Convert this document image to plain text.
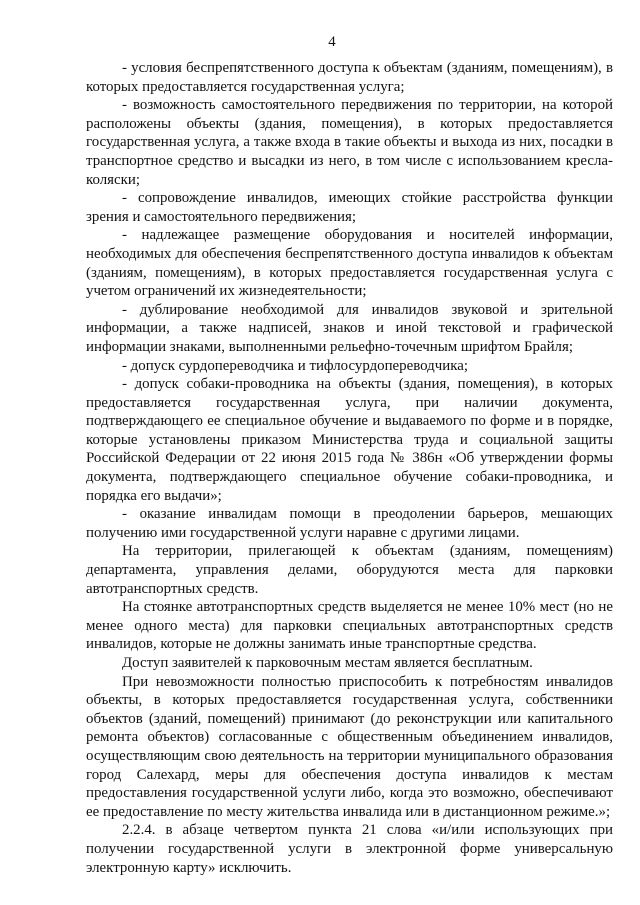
4

- условия беспрепятственного доступа к объектам (зданиям, помещениям), в которых предоставляется государственная услуга;

- возможность самостоятельного передвижения по территории, на которой расположены объекты (здания, помещения), в которых предоставляется государственная услуга, а также входа в такие объекты и выхода из них, посадки в транспортное средство и высадки из него, в том числе с использованием кресла-коляски;

- сопровождение инвалидов, имеющих стойкие расстройства функции зрения и самостоятельного передвижения;

- надлежащее размещение оборудования и носителей информации, необходимых для обеспечения беспрепятственного доступа инвалидов к объектам (зданиям, помещениям), в которых предоставляется государственная услуга с учетом ограничений их жизнедеятельности;

- дублирование необходимой для инвалидов звуковой и зрительной информации, а также надписей, знаков и иной текстовой и графической информации знаками, выполненными рельефно-точечным шрифтом Брайля;

- допуск сурдопереводчика и тифлосурдопереводчика;

- допуск собаки-проводника на объекты (здания, помещения), в которых предоставляется государственная услуга, при наличии документа, подтверждающего ее специальное обучение и выдаваемого по форме и в порядке, которые установлены приказом Министерства труда и социальной защиты Российской Федерации от 22 июня 2015 года № 386н «Об утверждении формы документа, подтверждающего специальное обучение собаки-проводника, и порядка его выдачи»;

- оказание инвалидам помощи в преодолении барьеров, мешающих получению ими государственной услуги наравне с другими лицами.

На территории, прилегающей к объектам (зданиям, помещениям) департамента, управления делами, оборудуются места для парковки автотранспортных средств.

На стоянке автотранспортных средств выделяется не менее 10% мест (но не менее одного места) для парковки специальных автотранспортных средств инвалидов, которые не должны занимать иные транспортные средства.

Доступ заявителей к парковочным местам является бесплатным.

При невозможности полностью приспособить к потребностям инвалидов объекты, в которых предоставляется государственная услуга, собственники объектов (зданий, помещений) принимают (до реконструкции или капитального ремонта объектов) согласованные с общественным объединением инвалидов, осуществляющим свою деятельность на территории муниципального образования город Салехард, меры для обеспечения доступа инвалидов к местам предоставления государственной услуги либо, когда это возможно, обеспечивают ее предоставление по месту жительства инвалида или в дистанционном режиме.»;

2.2.4. в абзаце четвертом пункта 21 слова «и/или использующих при получении государственной услуги в электронной форме универсальную электронную карту» исключить.
